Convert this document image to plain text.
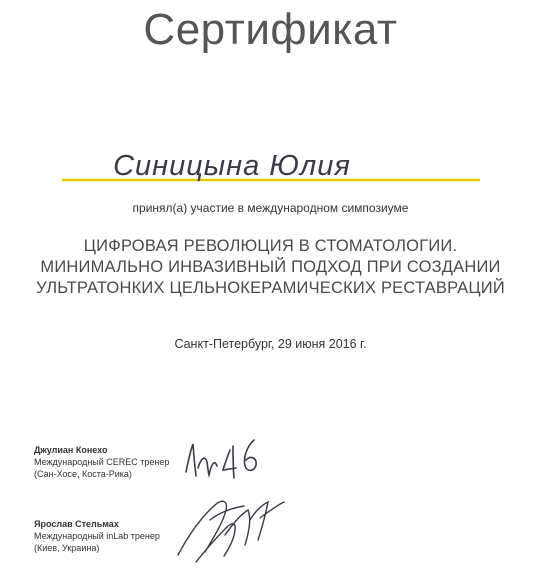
Сертификат
Синицына Юлия
принял(а) участие в международном симпозиуме
ЦИФРОВАЯ РЕВОЛЮЦИЯ В СТОМАТОЛОГИИ.
МИНИМАЛЬНО ИНВАЗИВНЫЙ ПОДХОД ПРИ СОЗДАНИИ
УЛЬТРАТОНКИХ ЦЕЛЬНОКЕРАМИЧЕСКИХ РЕСТАВРАЦИЙ
Санкт-Петербург, 29 июня 2016 г.
Джулиан Конехо
Международный CEREC тренер
(Сан-Хосе, Коста-Рика)
Ярослав Стельмах
Международный inLab тренер
(Киев, Украина)
